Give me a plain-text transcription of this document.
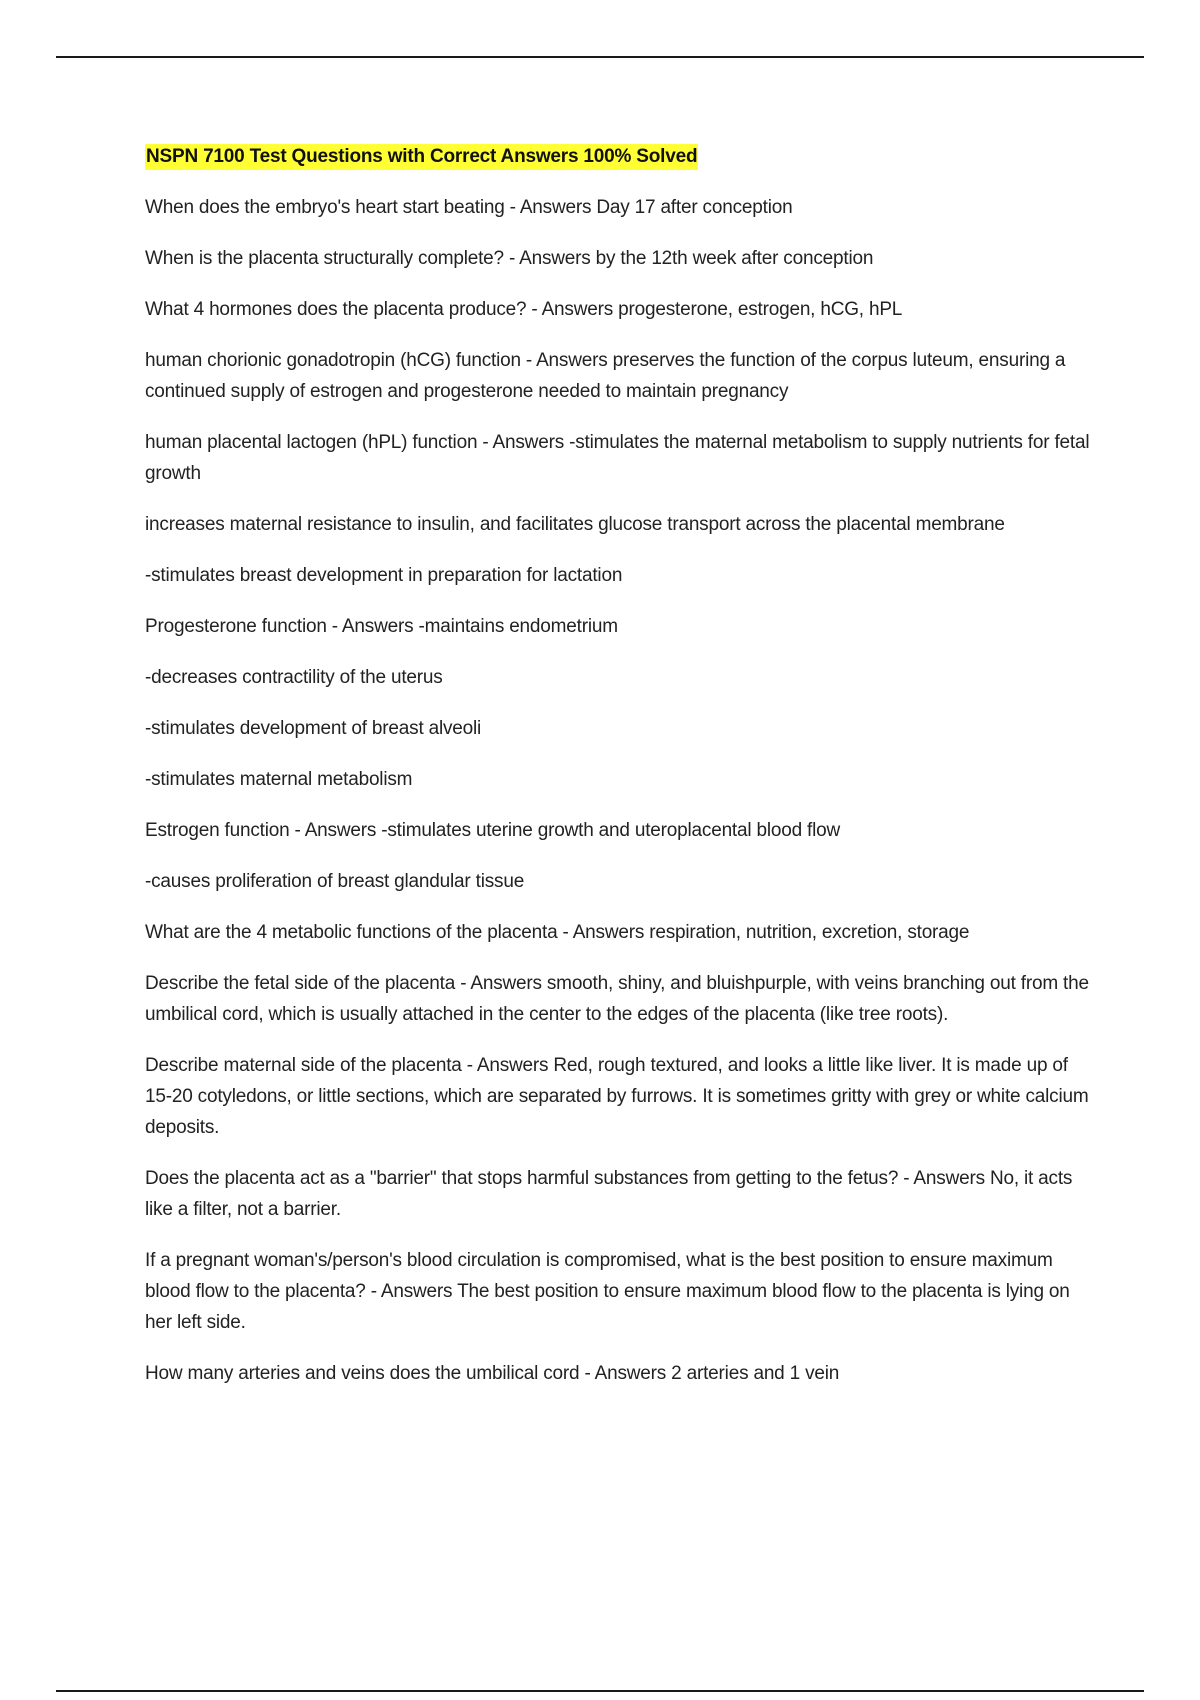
NSPN 7100 Test Questions with Correct Answers 100% Solved

When does the embryo's heart start beating - Answers Day 17 after conception

When is the placenta structurally complete? - Answers by the 12th week after conception

What 4 hormones does the placenta produce? - Answers progesterone, estrogen, hCG, hPL

human chorionic gonadotropin (hCG) function - Answers preserves the function of the corpus luteum, ensuring a continued supply of estrogen and progesterone needed to maintain pregnancy

human placental lactogen (hPL) function - Answers -stimulates the maternal metabolism to supply nutrients for fetal growth

increases maternal resistance to insulin, and facilitates glucose transport across the placental membrane

-stimulates breast development in preparation for lactation

Progesterone function - Answers -maintains endometrium

-decreases contractility of the uterus

-stimulates development of breast alveoli

-stimulates maternal metabolism

Estrogen function - Answers -stimulates uterine growth and uteroplacental blood flow

-causes proliferation of breast glandular tissue

What are the 4 metabolic functions of the placenta - Answers respiration, nutrition, excretion, storage

Describe the fetal side of the placenta - Answers smooth, shiny, and bluishpurple, with veins branching out from the umbilical cord, which is usually attached in the center to the edges of the placenta (like tree roots).

Describe maternal side of the placenta - Answers Red, rough textured, and looks a little like liver. It is made up of 15-20 cotyledons, or little sections, which are separated by furrows. It is sometimes gritty with grey or white calcium deposits.

Does the placenta act as a "barrier" that stops harmful substances from getting to the fetus? - Answers No, it acts like a filter, not a barrier.

If a pregnant woman's/person's blood circulation is compromised, what is the best position to ensure maximum blood flow to the placenta? - Answers The best position to ensure maximum blood flow to the placenta is lying on her left side.

How many arteries and veins does the umbilical cord - Answers 2 arteries and 1 vein
